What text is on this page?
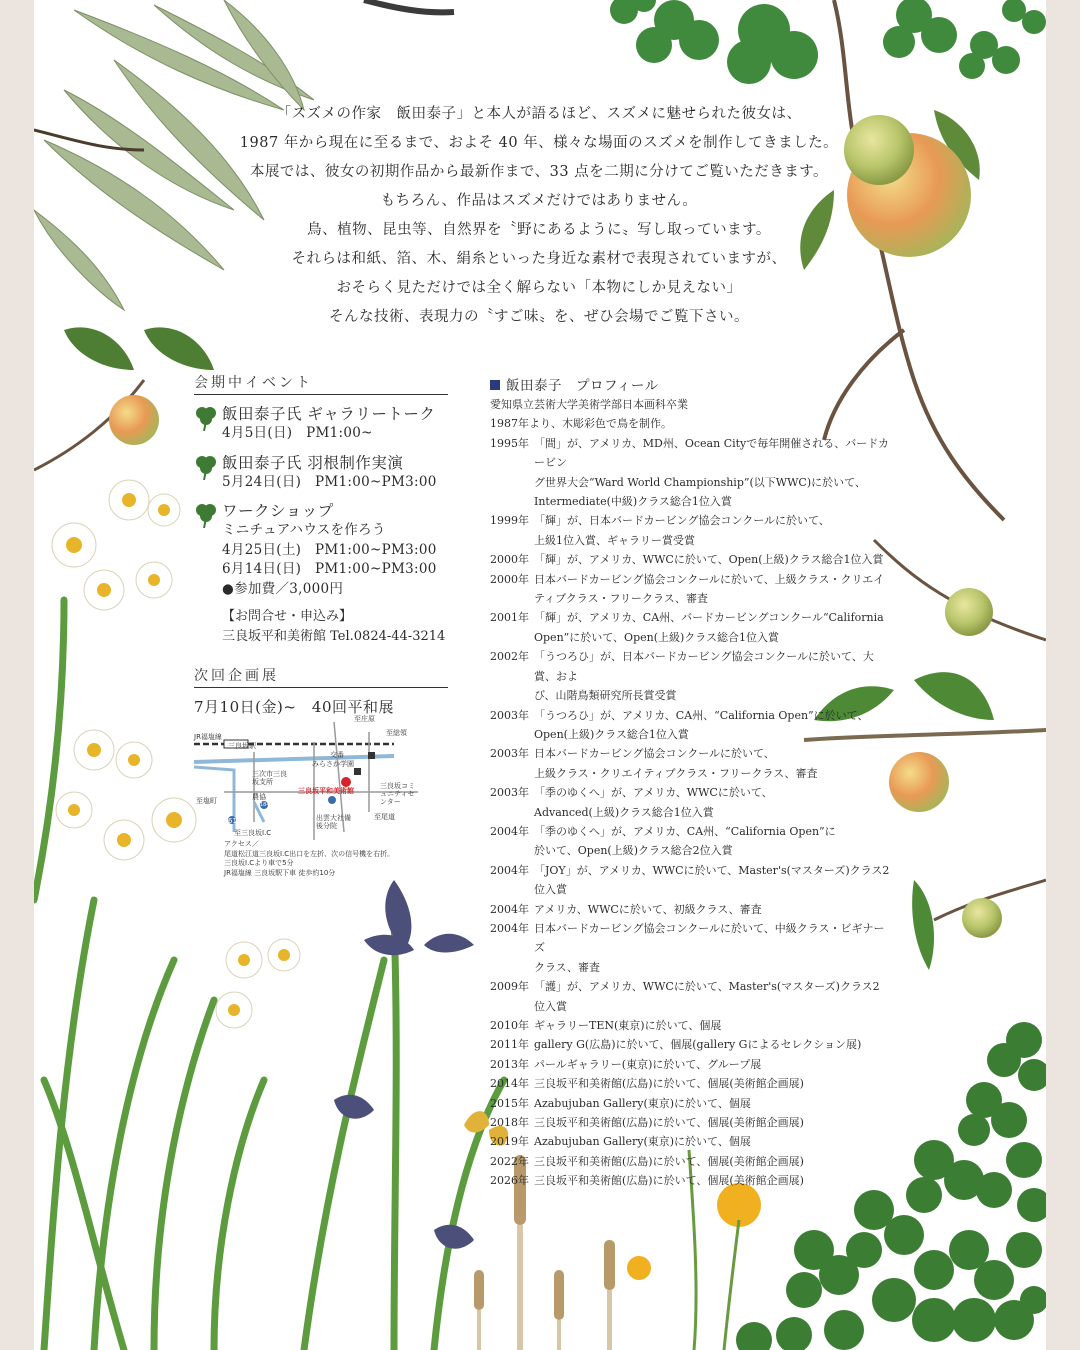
「スズメの作家　飯田泰子」と本人が語るほど、スズメに魅せられた彼女は、
1987 年から現在に至るまで、およそ 40 年、様々な場面のスズメを制作してきました。
本展では、彼女の初期作品から最新作まで、33 点を二期に分けてご覧いただきます。
もちろん、作品はスズメだけではありません。
鳥、植物、昆虫等、自然界を〝野にあるように〟写し取っています。
それらは和紙、箔、木、絹糸といった身近な素材で表現されていますが、
おそらく見ただけでは全く解らない「本物にしか見えない」
そんな技術、表現力の〝すご味〟を、ぜひ会場でご覧下さい。
会期中イベント
飯田泰子氏 ギャラリートーク
4月5日(日)　PM1:00~
飯田泰子氏 羽根制作実演
5月24日(日)　PM1:00~PM3:00
ワークショップ
ミニチュアハウスを作ろう
4月25日(土)　PM1:00~PM3:00
6月14日(日)　PM1:00~PM3:00
●参加費／3,000円
【お問合せ・申込み】
三良坂平和美術館 Tel.0824-44-3214
次回企画展
7月10日(金)~　40回平和展
JR福塩線
三良坂駅
至庄原
至総領
交番
みらさか学園
三次市三良坂支所
農協
三良坂平和美術館
三良坂コミュニティセンター
至塩町
至三良坂I.C
出雲大社備後分院
至尾道
61
184
アクセス／
尾道松江道三良坂I.C出口を左折、次の信号機を右折。
三良坂I.Cより車で5分
JR福塩線 三良坂駅下車 徒歩約10分
飯田泰子　プロフィール
愛知県立芸術大学美術学部日本画科卒業
1987年より、木彫彩色で鳥を制作。
1995年 「間」が、アメリカ、MD州、Ocean Cityで毎年開催される、バードカービン
グ世界大会“Ward World Championship”(以下WWC)に於いて、
Intermediate(中級)クラス総合1位入賞
1999年 「輝」が、日本バードカービング協会コンクールに於いて、
上級1位入賞、ギャラリー賞受賞
2000年 「輝」が、アメリカ、WWCに於いて、Open(上級)クラス総合1位入賞
2000年 日本バードカービング協会コンクールに於いて、上級クラス・クリエイ
ティブクラス・フリークラス、審査
2001年 「輝」が、アメリカ、CA州、バードカービングコンクール“California
Open”に於いて、Open(上級)クラス総合1位入賞
2002年 「うつろひ」が、日本バードカービング協会コンクールに於いて、大賞、およ
び、山階鳥類研究所長賞受賞
2003年 「うつろひ」が、アメリカ、CA州、“California Open”に於いて、
Open(上級)クラス総合1位入賞
2003年 日本バードカービング協会コンクールに於いて、
上級クラス・クリエイティブクラス・フリークラス、審査
2003年 「季のゆくへ」が、アメリカ、WWCに於いて、
Advanced(上級)クラス総合1位入賞
2004年 「季のゆくへ」が、アメリカ、CA州、“California Open”に
於いて、Open(上級)クラス総合2位入賞
2004年 「JOY」が、アメリカ、WWCに於いて、Master's(マスターズ)クラス2位入賞
2004年 アメリカ、WWCに於いて、初級クラス、審査
2004年 日本バードカービング協会コンクールに於いて、中級クラス・ビギナーズ
クラス、審査
2009年 「護」が、アメリカ、WWCに於いて、Master's(マスターズ)クラス2位入賞
2010年 ギャラリーTEN(東京)に於いて、個展
2011年 gallery G(広島)に於いて、個展(gallery Gによるセレクション展)
2013年 パールギャラリー(東京)に於いて、グループ展
2014年 三良坂平和美術館(広島)に於いて、個展(美術館企画展)
2015年 Azabujuban Gallery(東京)に於いて、個展
2018年 三良坂平和美術館(広島)に於いて、個展(美術館企画展)
2019年 Azabujuban Gallery(東京)に於いて、個展
2022年 三良坂平和美術館(広島)に於いて、個展(美術館企画展)
2026年 三良坂平和美術館(広島)に於いて、個展(美術館企画展)
